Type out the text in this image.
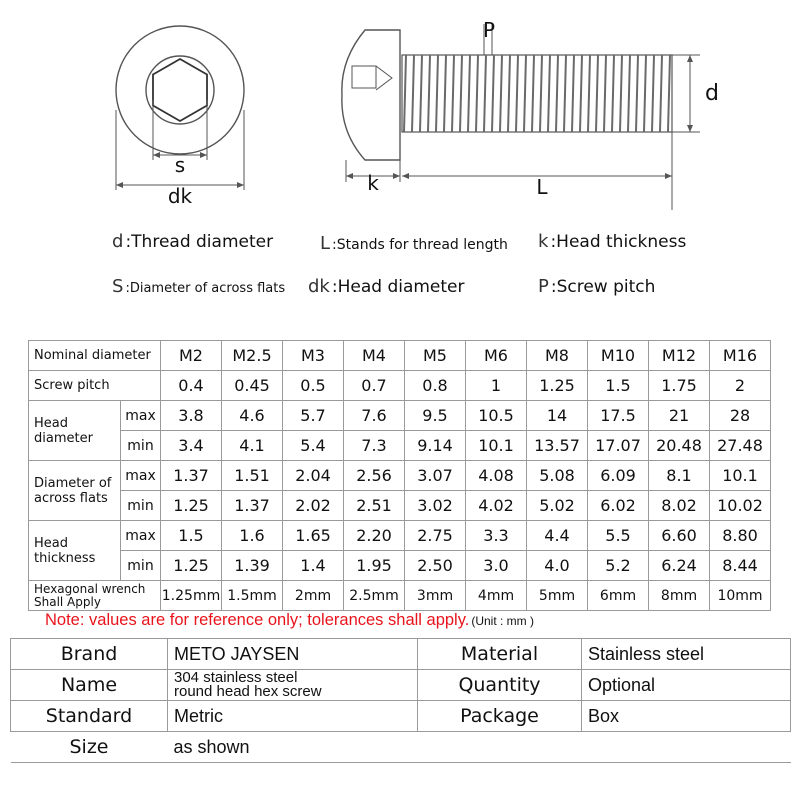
s
dk
P
d
k	L
d :Thread diameter	L :Stands for thread length k :Head thickness
S :Diameter of across flats dk :Head diameter	P :Screw pitch
Nominal diameter		M2	M2.5	M3	M4	M5	M6	M8	M10	M12	M16
Screw pitch		0.4	0.45	0.5	0.7	0.8	1	1.25	1.5	1.75	2
Head diameter	max	3.8	4.6	5.7	7.6	9.5	10.5	14	17.5	21	28
	min	3.4	4.1	5.4	7.3	9.14	10.1	13.57	17.07	20.48	27.48
Diameter of across flats	max	1.37	1.51	2.04	2.56	3.07	4.08	5.08	6.09	8.1	10.1
	min	1.25	1.37	2.02	2.51	3.02	4.02	5.02	6.02	8.02	10.02
Head thickness	max	1.5	1.6	1.65	2.20	2.75	3.3	4.4	5.5	6.60	8.80
	min	1.25	1.39	1.4	1.95	2.50	3.0	4.0	5.2	6.24	8.44
Hexagonal wrench
Shall Apply		1.25mm	1.5mm	2mm	2.5mm	3mm	4mm	5mm	6mm	8mm	10mm
Note: values are for reference only; tolerances shall apply. (Unit : mm )
Brand	METO JAYSEN	Material	Stainless steel
Name	304 stainless steel
round head hex screw	Quantity	Optional
Standard	Metric	Package	Box
Size	as shown		
